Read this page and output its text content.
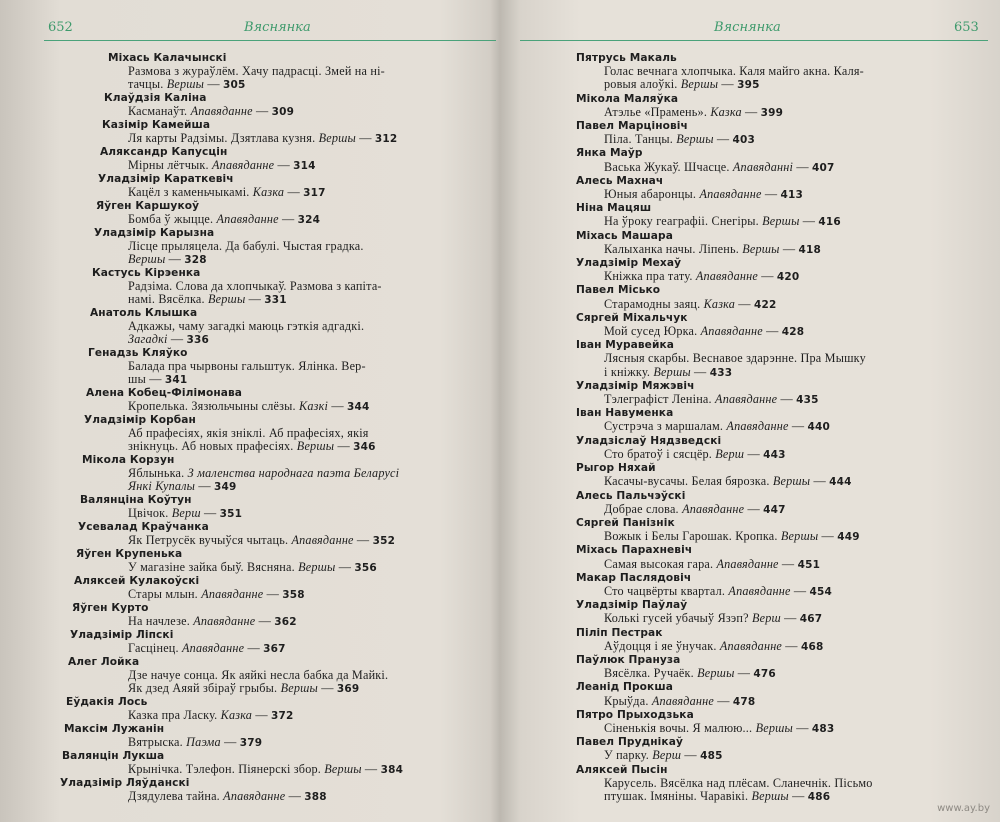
652	Вяснянка
Міхась Калачынскі
Размова з жураўлём. Хачу падрасці. Змей на ні-
тачцы. Вершы — 305
Клаўдзія Каліна
Касманаўт. Апавяданне — 309
Казімір Камейша
Ля карты Радзімы. Дзятлава кузня. Вершы — 312
Аляксандр Капусцін
Мірны лётчык. Апавяданне — 314
Уладзімір Караткевіч
Кацёл з каменьчыкамі. Казка — 317
Яўген Каршукоў
Бомба ў жыцце. Апавяданне — 324
Уладзімір Карызна
Лісце прыляцела. Да бабулі. Чыстая градка.
Вершы — 328
Кастусь Кірэенка
Радзіма. Слова да хлопчыкаў. Размова з капіта-
намі. Вясёлка. Вершы — 331
Анатоль Клышка
Адкажы, чаму загадкі маюць гэткія адгадкі.
Загадкі — 336
Генадзь Кляўко
Балада пра чырвоны гальштук. Ялінка. Вер-
шы — 341
Алена Кобец-Філімонава
Кропелька. Зязюльчыны слёзы. Казкі — 344
Уладзімір Корбан
Аб прафесіях, якія зніклі. Аб прафесіях, якія
знікнуць. Аб новых прафесіях. Вершы — 346
Мікола Корзун
Яблынька. З маленства народнага паэта Беларусі
Янкі Купалы — 349
Валянціна Коўтун
Цвічок. Верш — 351
Усевалад Краўчанка
Як Петрусёк вучыўся чытаць. Апавяданне — 352
Яўген Крупенька
У магазіне зайка быў. Вясняна. Вершы — 356
Аляксей Кулакоўскі
Стары млын. Апавяданне — 358
Яўген Курто
На начлезе. Апавяданне — 362
Уладзімір Ліпскі
Гасцінец. Апавяданне — 367
Алег Лойка
Дзе начуе сонца. Як аяйкі несла бабка да Майкі.
Як дзед Аяяй збіраў грыбы. Вершы — 369
Еўдакія Лось
Казка пра Ласку. Казка — 372
Максім Лужанін
Вятрыска. Паэма — 379
Валянцін Лукша
Крынічка. Тэлефон. Піянерскі збор. Вершы — 384
Уладзімір Ляўданскі
Дзядулева тайна. Апавяданне — 388
Вяснянка	653
Пятрусь Макаль
Голас вечнага хлопчыка. Каля майго акна. Каля-
ровыя алоўкі. Вершы — 395
Мікола Маляўка
Атэлье «Прамень». Казка — 399
Павел Марціновіч
Піла. Танцы. Вершы — 403
Янка Маўр
Васька Жукаў. Шчасце. Апавяданні — 407
Алесь Махнач
Юныя абаронцы. Апавяданне — 413
Ніна Мацяш
На ўроку геаграфіі. Снегіры. Вершы — 416
Міхась Машара
Калыханка начы. Ліпень. Вершы — 418
Уладзімір Мехаў
Кніжка пра тату. Апавяданне — 420
Павел Місько
Старамодны заяц. Казка — 422
Сяргей Міхальчук
Мой сусед Юрка. Апавяданне — 428
Іван Муравейка
Лясныя скарбы. Веснавое здарэнне. Пра Мышку
і кніжку. Вершы — 433
Уладзімір Мяжэвіч
Тэлеграфіст Леніна. Апавяданне — 435
Іван Навуменка
Сустрэча з маршалам. Апавяданне — 440
Уладзіслаў Нядзведскі
Сто братоў і сясцёр. Верш — 443
Рыгор Няхай
Касачы-вусачы. Белая бярозка. Вершы — 444
Алесь Пальчэўскі
Добрае слова. Апавяданне — 447
Сяргей Панізнік
Вожык і Белы Гарошак. Кропка. Вершы — 449
Міхась Парахневіч
Самая высокая гара. Апавяданне — 451
Макар Паслядовіч
Сто чацвёрты квартал. Апавяданне — 454
Уладзімір Паўлаў
Колькі гусей убачыў Язэп? Верш — 467
Піліп Пестрак
Аўдоцця і яе ўнучак. Апавяданне — 468
Паўлюк Прануза
Вясёлка. Ручаёк. Вершы — 476
Леанід Прокша
Крыўда. Апавяданне — 478
Пятро Прыходзька
Сіненькія вочы. Я малюю... Вершы — 483
Павел Пруднікаў
У парку. Верш — 485
Аляксей Пысін
Карусель. Вясёлка над плёсам. Сланечнік. Пісьмо
птушак. Імяніны. Чаравікі. Вершы — 486
www.ay.by
